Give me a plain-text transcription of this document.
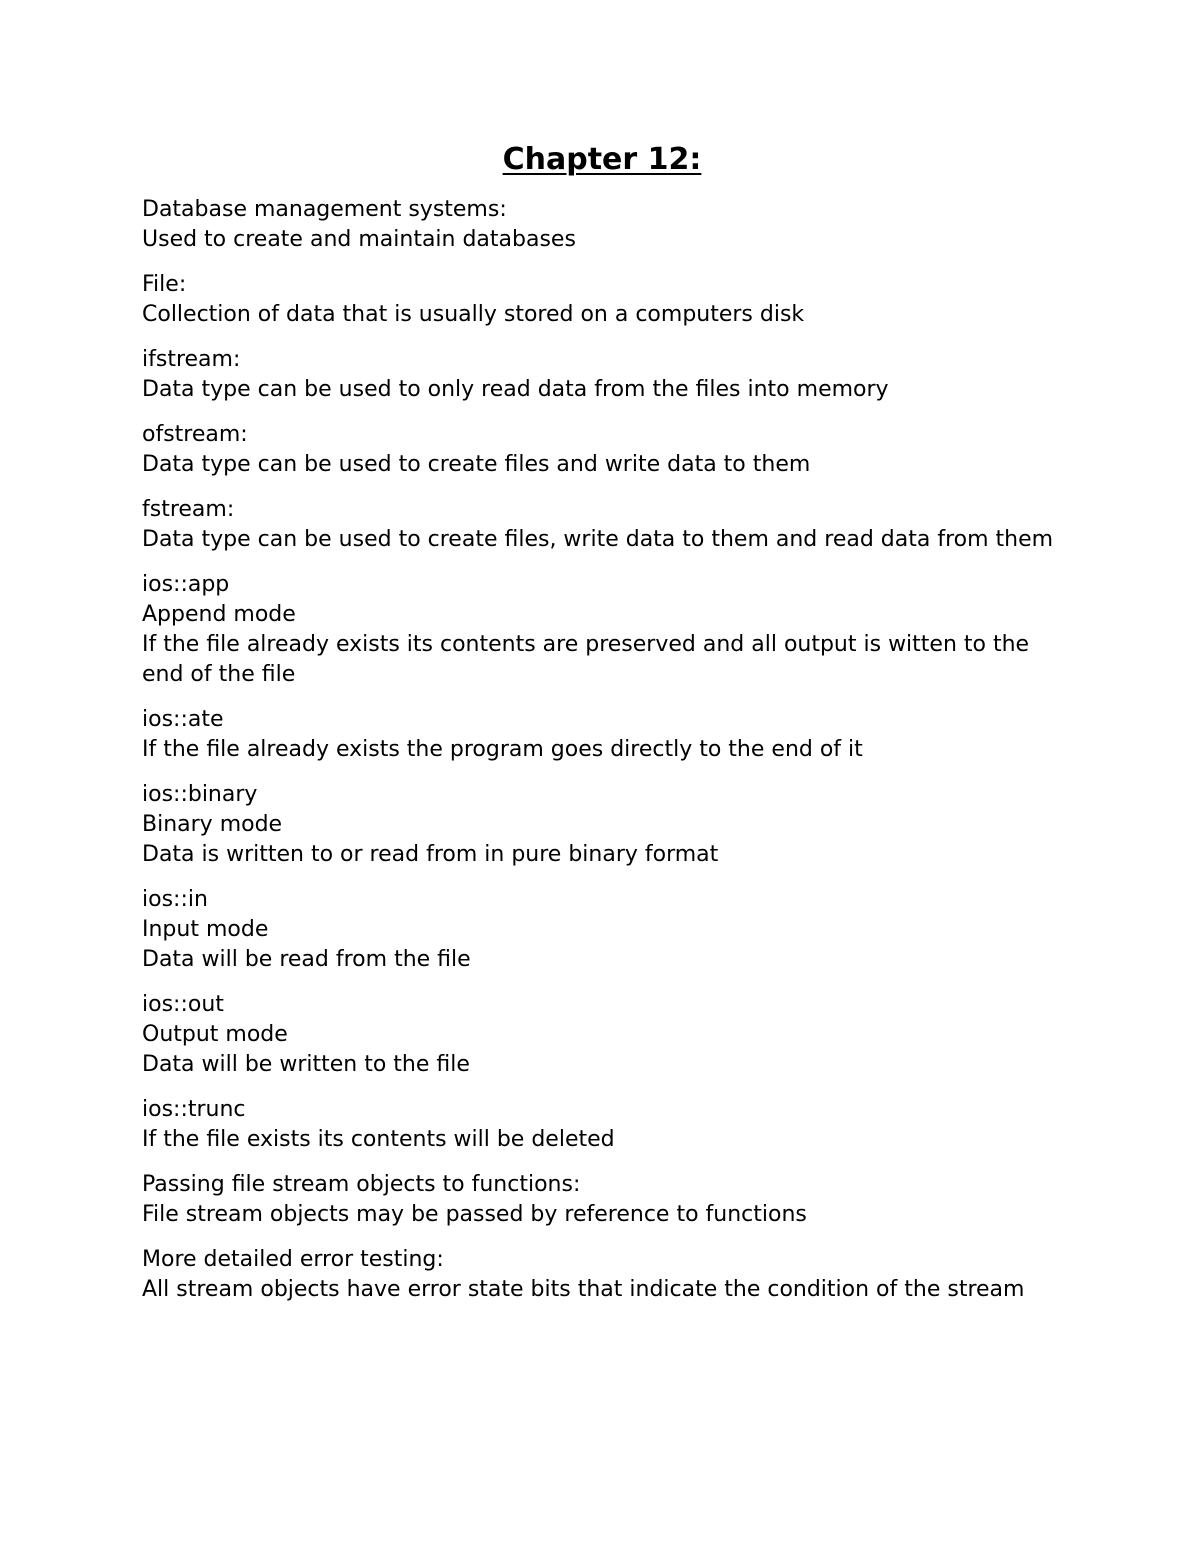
Chapter 12:
Database management systems:
Used to create and maintain databases
File:
Collection of data that is usually stored on a computers disk
ifstream:
Data type can be used to only read data from the files into memory
ofstream:
Data type can be used to create files and write data to them
fstream:
Data type can be used to create files, write data to them and read data from them
ios::app
Append mode
If the file already exists its contents are preserved and all output is witten to the end of the file
ios::ate
If the file already exists the program goes directly to the end of it
ios::binary
Binary mode
Data is written to or read from in pure binary format
ios::in
Input mode
Data will be read from the file
ios::out
Output mode
Data will be written to the file
ios::trunc
If the file exists its contents will be deleted
Passing file stream objects to functions:
File stream objects may be passed by reference to functions
More detailed error testing:
All stream objects have error state bits that indicate the condition of the stream
